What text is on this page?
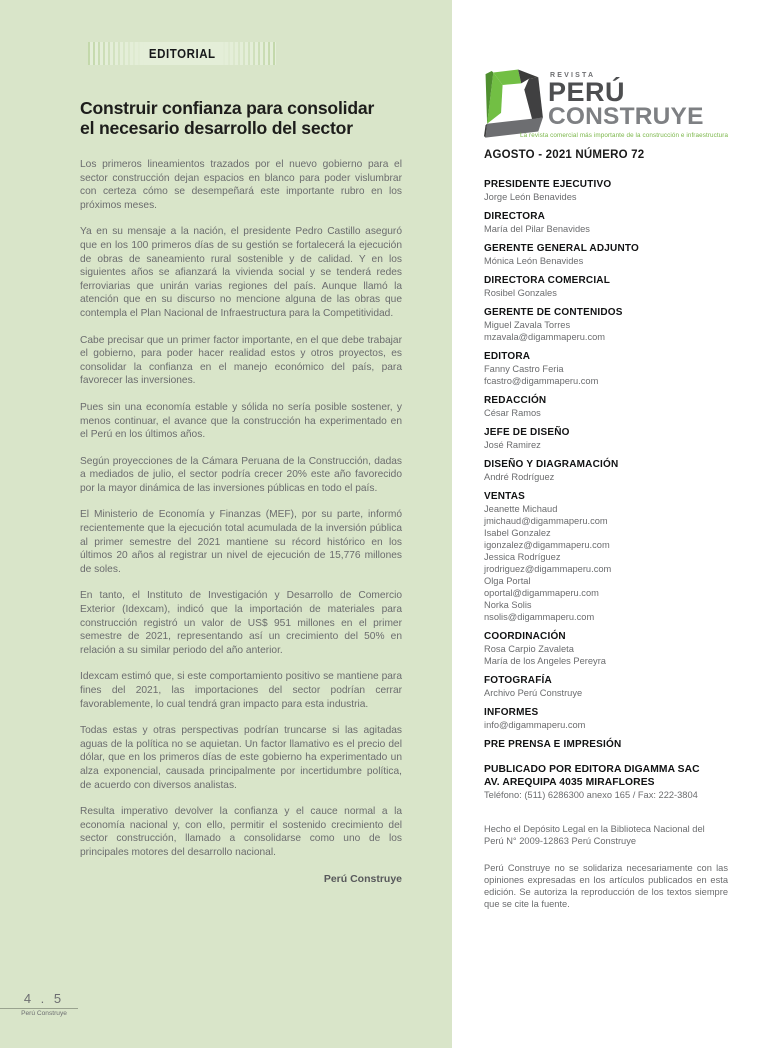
EDITORIAL
Construir confianza para consolidar
el necesario desarrollo del sector

Los primeros lineamientos trazados por el nuevo gobierno para el sector construcción dejan espacios en blanco para poder vislumbrar con certeza cómo se desempeñará este importante rubro en los próximos meses.

Ya en su mensaje a la nación, el presidente Pedro Castillo aseguró que en los 100 primeros días de su gestión se fortalecerá la ejecución de obras de saneamiento rural sostenible y de calidad. Y en los siguientes años se afianzará la vivienda social y se tenderá redes ferroviarias que unirán varias regiones del país. Aunque llamó la atención que en su discurso no mencione alguna de las obras que contempla el Plan Nacional de Infraestructura para la Competitividad.

Cabe precisar que un primer factor importante, en el que debe trabajar el gobierno, para poder hacer realidad estos y otros proyectos, es consolidar la confianza en el manejo económico del país, para favorecer las inversiones.

Pues sin una economía estable y sólida no sería posible sostener, y menos continuar, el avance que la construcción ha experimentado en el Perú en los últimos años.

Según proyecciones de la Cámara Peruana de la Construcción, dadas a mediados de julio, el sector podría crecer 20% este año favorecido por la mayor dinámica de las inversiones públicas en todo el país.

El Ministerio de Economía y Finanzas (MEF), por su parte, informó recientemente que la ejecución total acumulada de la inversión pública al primer semestre del 2021 mantiene su récord histórico en los últimos 20 años al registrar un nivel de ejecución de 15,776 millones de soles.

En tanto, el Instituto de Investigación y Desarrollo de Comercio Exterior (Idexcam), indicó que la importación de materiales para construcción registró un valor de US$ 951 millones en el primer semestre de 2021, representando así un crecimiento del 50% en relación a su similar periodo del año anterior.

Idexcam estimó que, si este comportamiento positivo se mantiene para fines del 2021, las importaciones del sector podrían cerrar favorablemente, lo cual tendrá gran impacto para esta industria.

Todas estas y otras perspectivas podrían truncarse si las agitadas aguas de la política no se aquietan. Un factor llamativo es el precio del dólar, que en los primeros días de este gobierno ha experimentado un alza exponencial, causada principalmente por incertidumbre política, de acuerdo con diversos analistas.

Resulta imperativo devolver la confianza y el cauce normal a la economía nacional y, con ello, permitir el sostenido crecimiento del sector construcción, llamado a consolidarse como uno de los principales motores del desarrollo nacional.

Perú Construye
REVISTA
PERÚ
CONSTRUYE
La revista comercial más importante de la construcción e infraestructura
AGOSTO - 2021 NÚMERO 72
PRESIDENTE EJECUTIVO
Jorge León Benavides
DIRECTORA
María del Pilar Benavides
GERENTE GENERAL ADJUNTO
Mónica León Benavides
DIRECTORA COMERCIAL
Rosibel Gonzales
GERENTE DE CONTENIDOS
Miguel Zavala Torres
mzavala@digammaperu.com
EDITORA
Fanny Castro Feria
fcastro@digammaperu.com
REDACCIÓN
César Ramos
JEFE DE DISEÑO
José Ramirez
DISEÑO Y DIAGRAMACIÓN
André Rodríguez
VENTAS
Jeanette Michaud
jmichaud@digammaperu.com
Isabel Gonzalez
igonzalez@digammaperu.com
Jessica Rodríguez
jrodriguez@digammaperu.com
Olga Portal
oportal@digammaperu.com
Norka Solis
nsolis@digammaperu.com
COORDINACIÓN
Rosa Carpio Zavaleta
María de los Angeles Pereyra
FOTOGRAFÍA
Archivo Perú Construye
INFORMES
info@digammaperu.com
PRE PRENSA E IMPRESIÓN
PUBLICADO POR EDITORA DIGAMMA SAC
AV. AREQUIPA 4035 MIRAFLORES
Teléfono: (511) 6286300 anexo 165 / Fax: 222-3804
Hecho el Depósito Legal en la Biblioteca Nacional del Perú N° 2009-12863 Perú Construye
Perú Construye no se solidariza necesariamente con las opiniones expresadas en los artículos publicados en esta edición. Se autoriza la reproducción de los textos siempre que se cite la fuente.
4 . 5
Perú Construye
